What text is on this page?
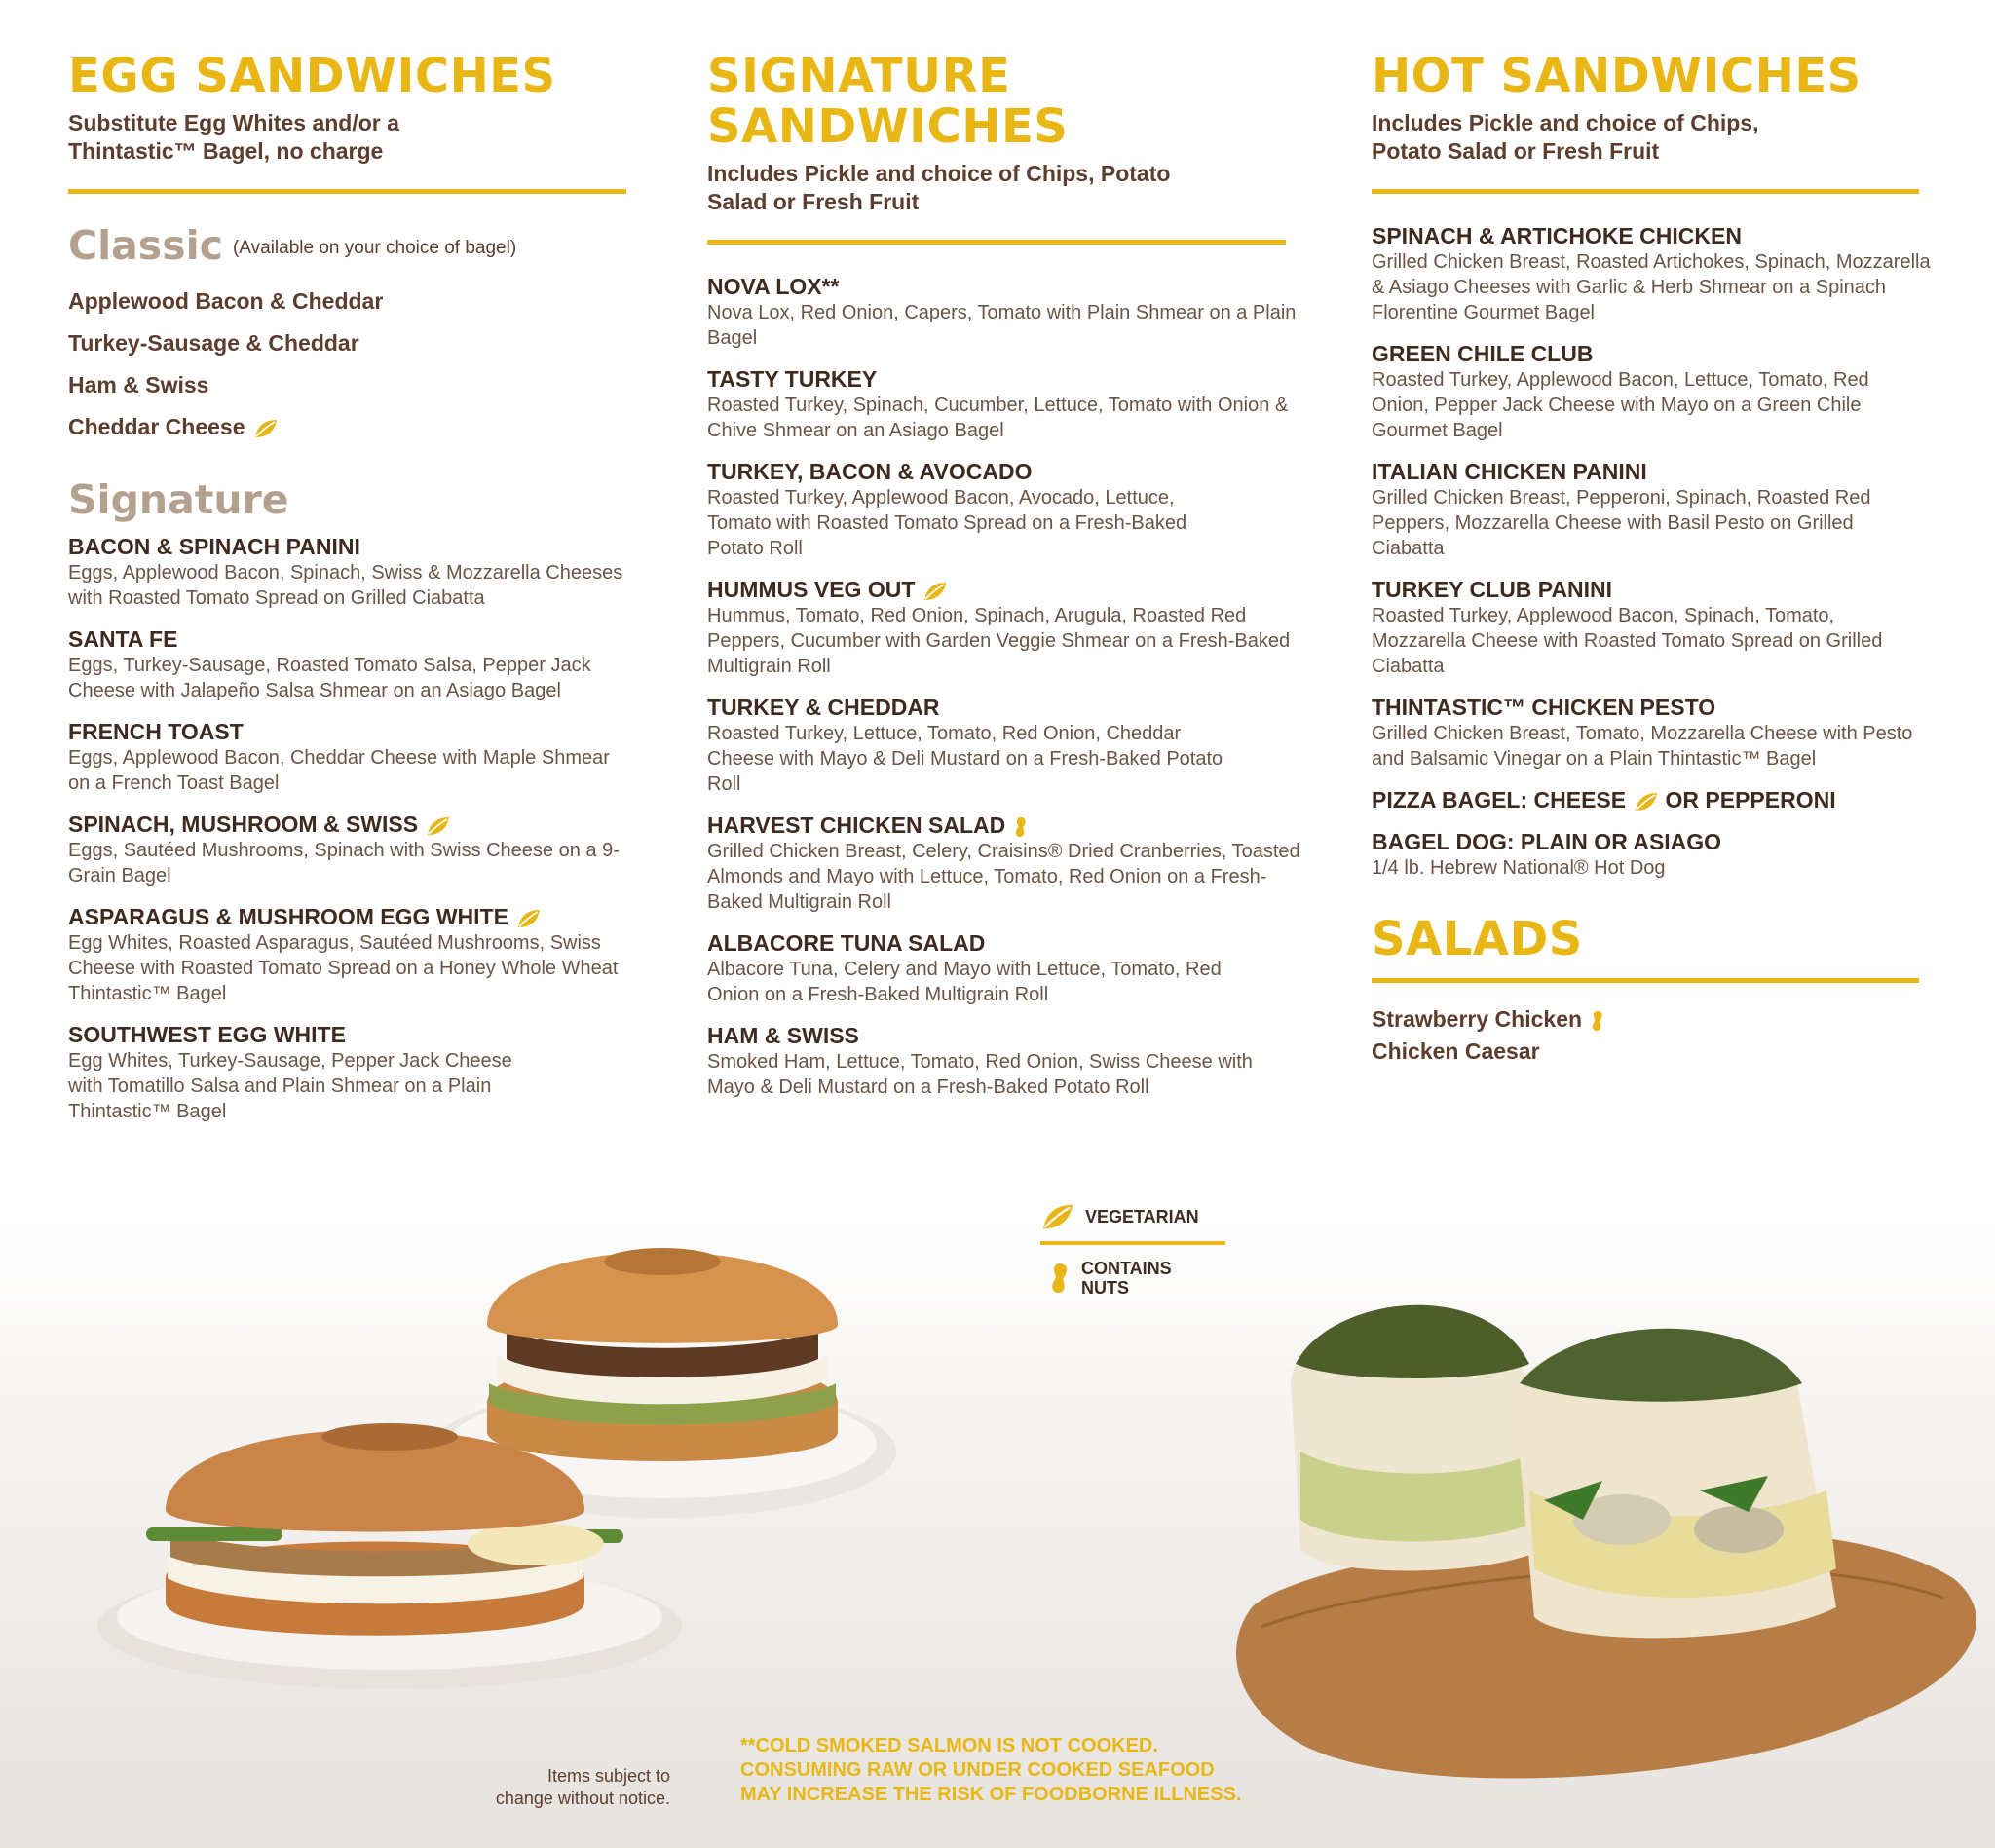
EGG SANDWICHES

Substitute Egg Whites and/or a Thintastic™ Bagel, no charge

Classic (Available on your choice of bagel)
Applewood Bacon & Cheddar
Turkey-Sausage & Cheddar
Ham & Swiss
Cheddar Cheese
Signature
BACON & SPINACH PANINI
Eggs, Applewood Bacon, Spinach, Swiss & Mozzarella Cheeses with Roasted Tomato Spread on Grilled Ciabatta
SANTA FE
Eggs, Turkey-Sausage, Roasted Tomato Salsa, Pepper Jack Cheese with Jalapeño Salsa Shmear on an Asiago Bagel
FRENCH TOAST
Eggs, Applewood Bacon, Cheddar Cheese with Maple Shmear on a French Toast Bagel
SPINACH, MUSHROOM & SWISS
Eggs, Sautéed Mushrooms, Spinach with Swiss Cheese on a 9-Grain Bagel
ASPARAGUS & MUSHROOM EGG WHITE
Egg Whites, Roasted Asparagus, Sautéed Mushrooms, Swiss Cheese with Roasted Tomato Spread on a Honey Whole Wheat Thintastic™ Bagel
SOUTHWEST EGG WHITE
Egg Whites, Turkey-Sausage, Pepper Jack Cheese with Tomatillo Salsa and Plain Shmear on a Plain Thintastic™ Bagel
SIGNATURE
SANDWICHES

Includes Pickle and choice of Chips, Potato Salad or Fresh Fruit

NOVA LOX**
Nova Lox, Red Onion, Capers, Tomato with Plain Shmear on a Plain Bagel
TASTY TURKEY
Roasted Turkey, Spinach, Cucumber, Lettuce, Tomato with Onion & Chive Shmear on an Asiago Bagel
TURKEY, BACON & AVOCADO
Roasted Turkey, Applewood Bacon, Avocado, Lettuce, Tomato with Roasted Tomato Spread on a Fresh-Baked Potato Roll
HUMMUS VEG OUT
Hummus, Tomato, Red Onion, Spinach, Arugula, Roasted Red Peppers, Cucumber with Garden Veggie Shmear on a Fresh-Baked Multigrain Roll
TURKEY & CHEDDAR
Roasted Turkey, Lettuce, Tomato, Red Onion, Cheddar Cheese with Mayo & Deli Mustard on a Fresh-Baked Potato Roll
HARVEST CHICKEN SALAD
Grilled Chicken Breast, Celery, Craisins® Dried Cranberries, Toasted Almonds and Mayo with Lettuce, Tomato, Red Onion on a Fresh-Baked Multigrain Roll
ALBACORE TUNA SALAD
Albacore Tuna, Celery and Mayo with Lettuce, Tomato, Red Onion on a Fresh-Baked Multigrain Roll
HAM & SWISS
Smoked Ham, Lettuce, Tomato, Red Onion, Swiss Cheese with Mayo & Deli Mustard on a Fresh-Baked Potato Roll
HOT SANDWICHES

Includes Pickle and choice of Chips, Potato Salad or Fresh Fruit

SPINACH & ARTICHOKE CHICKEN
Grilled Chicken Breast, Roasted Artichokes, Spinach, Mozzarella & Asiago Cheeses with Garlic & Herb Shmear on a Spinach Florentine Gourmet Bagel
GREEN CHILE CLUB
Roasted Turkey, Applewood Bacon, Lettuce, Tomato, Red Onion, Pepper Jack Cheese with Mayo on a Green Chile Gourmet Bagel
ITALIAN CHICKEN PANINI
Grilled Chicken Breast, Pepperoni, Spinach, Roasted Red Peppers, Mozzarella Cheese with Basil Pesto on Grilled Ciabatta
TURKEY CLUB PANINI
Roasted Turkey, Applewood Bacon, Spinach, Tomato, Mozzarella Cheese with Roasted Tomato Spread on Grilled Ciabatta
THINTASTIC™ CHICKEN PESTO
Grilled Chicken Breast, Tomato, Mozzarella Cheese with Pesto and Balsamic Vinegar on a Plain Thintastic™ Bagel
PIZZA BAGEL: CHEESE OR PEPPERONI
BAGEL DOG: PLAIN OR ASIAGO
1/4 lb. Hebrew National® Hot Dog
SALADS
Strawberry Chicken
Chicken Caesar
VEGETARIAN
CONTAINS
NUTS
Items subject to
change without notice.
**COLD SMOKED SALMON IS NOT COOKED.
CONSUMING RAW OR UNDER COOKED SEAFOOD
MAY INCREASE THE RISK OF FOODBORNE ILLNESS.
